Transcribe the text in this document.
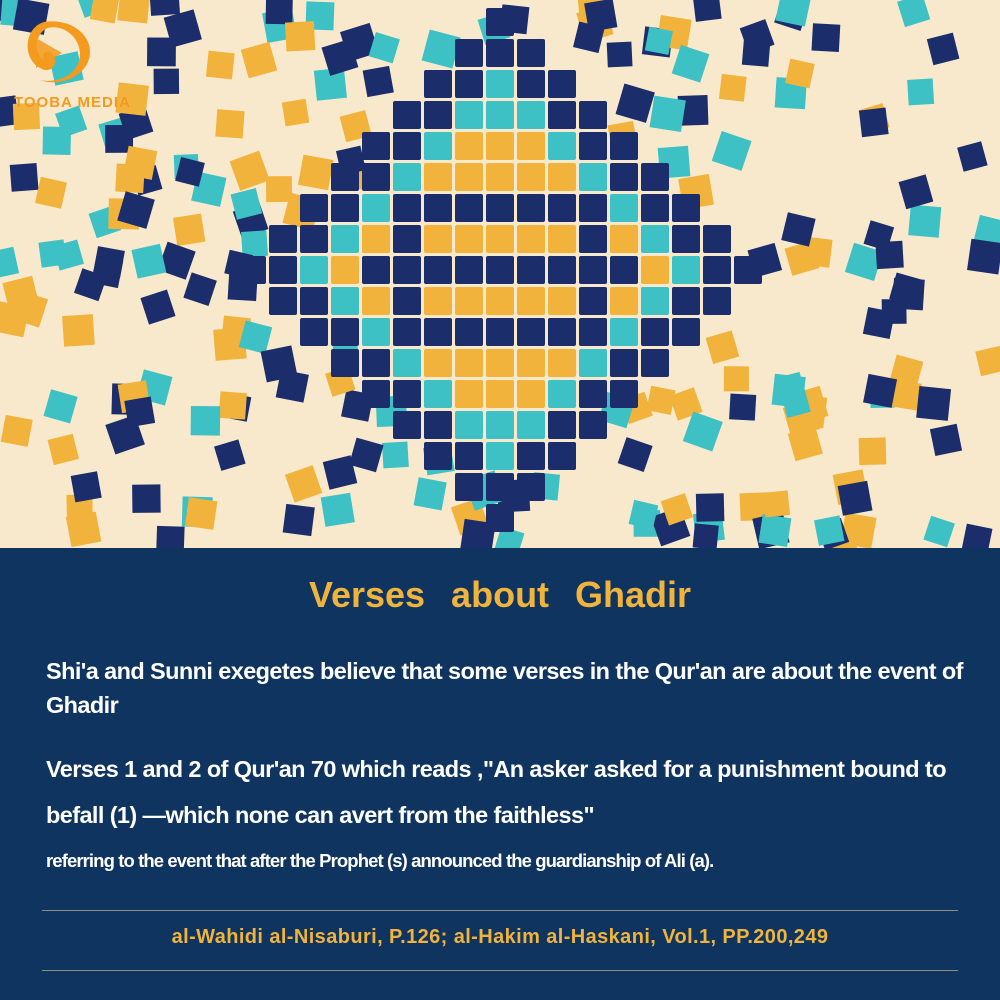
TOOBA MEDIA
Verses about Ghadir
Shi'a and Sunni exegetes believe that some verses in the Qur'an are about the event of Ghadir
Verses 1 and 2 of Qur'an 70 which reads ,"An asker asked for a punishment bound to befall (1) —which none can avert from the faithless"
referring to the event that after the Prophet (s) announced the guardianship of Ali (a).
al-Wahidi al-Nisaburi, P.126; al-Hakim al-Haskani, Vol.1, PP.200,249
